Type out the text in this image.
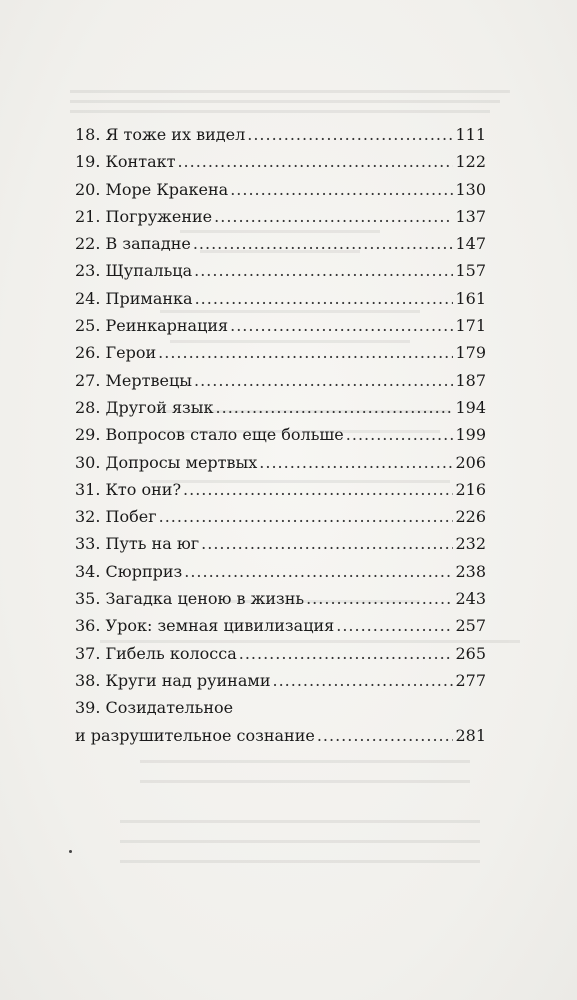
18. Я тоже их видел .....	111
19. Контакт .....	122
20. Море Кракена .....	130
21. Погружение .....	137
22. В западне .....	147
23. Щупальца .....	157
24. Приманка .....	161
25. Реинкарнация .....	171
26. Герои .....	179
27. Мертвецы .....	187
28. Другой язык .....	194
29. Вопросов стало еще больше .....	199
30. Допросы мертвых .....	206
31. Кто они? .....	216
32. Побег .....	226
33. Путь на юг .....	232
34. Сюрприз .....	238
35. Загадка ценою в жизнь .....	243
36. Урок: земная цивилизация .....	257
37. Гибель колосса .....	265
38. Круги над руинами .....	277
39. Созидательное
и разрушительное сознание .....	281
